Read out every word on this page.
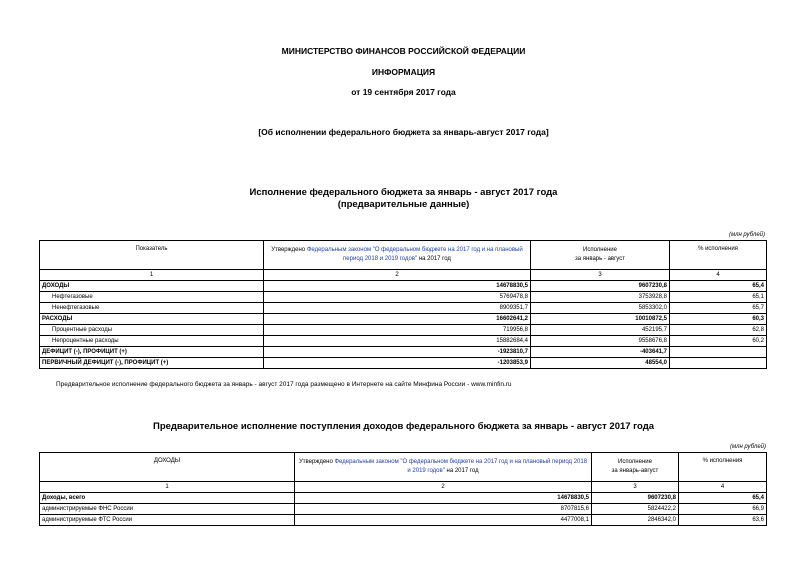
МИНИСТЕРСТВО ФИНАНСОВ РОССИЙСКОЙ ФЕДЕРАЦИИ
ИНФОРМАЦИЯ
от 19 сентября 2017 года
[Об исполнении федерального бюджета за январь-август 2017 года]
Исполнение федерального бюджета за январь - август 2017 года
(предварительные данные)
(млн рублей)
Показатель	Утверждено Федеральным законом "О федеральном бюджете на 2017 год и на плановый период 2018 и 2019 годов" на 2017 год	Исполнение
за январь - август	% исполнения

1	2	3	4
ДОХОДЫ	14678830,5	9607230,8	65,4
Нефтегазовые	5769478,8	3753928,8	65,1
Ненефтегазовые	8909351,7	5853302,0	65,7
РАСХОДЫ	16602641,2	10010872,5	60,3
Процентные расходы	719956,8	452195,7	62,8
Непроцентные расходы	15882684,4	9558676,8	60,2
ДЕФИЦИТ (-), ПРОФИЦИТ (+)	-1923810,7	-403641,7	
ПЕРВИЧНЫЙ ДЕФИЦИТ (-), ПРОФИЦИТ (+)	-1203853,9	48554,0	
Предварительное исполнение федерального бюджета за январь - август 2017 года размещено в Интернете на сайте Минфина России - www.minfin.ru
Предварительное исполнение поступления доходов федерального бюджета за январь - август 2017 года
(млн рублей)
ДОХОДЫ	Утверждено Федеральным законом "О федеральном бюджете на 2017 год и на плановый период 2018 и 2019 годов" на 2017 год	Исполнение
за январь-август	% исполнения

1	2	3	4
Доходы, всего	14678830,5	9607230,8	65,4
администрируемые ФНС России	8707815,6	5824422,2	66,9
администрируемые ФТС России	4477008,1	2846342,0	63,6
